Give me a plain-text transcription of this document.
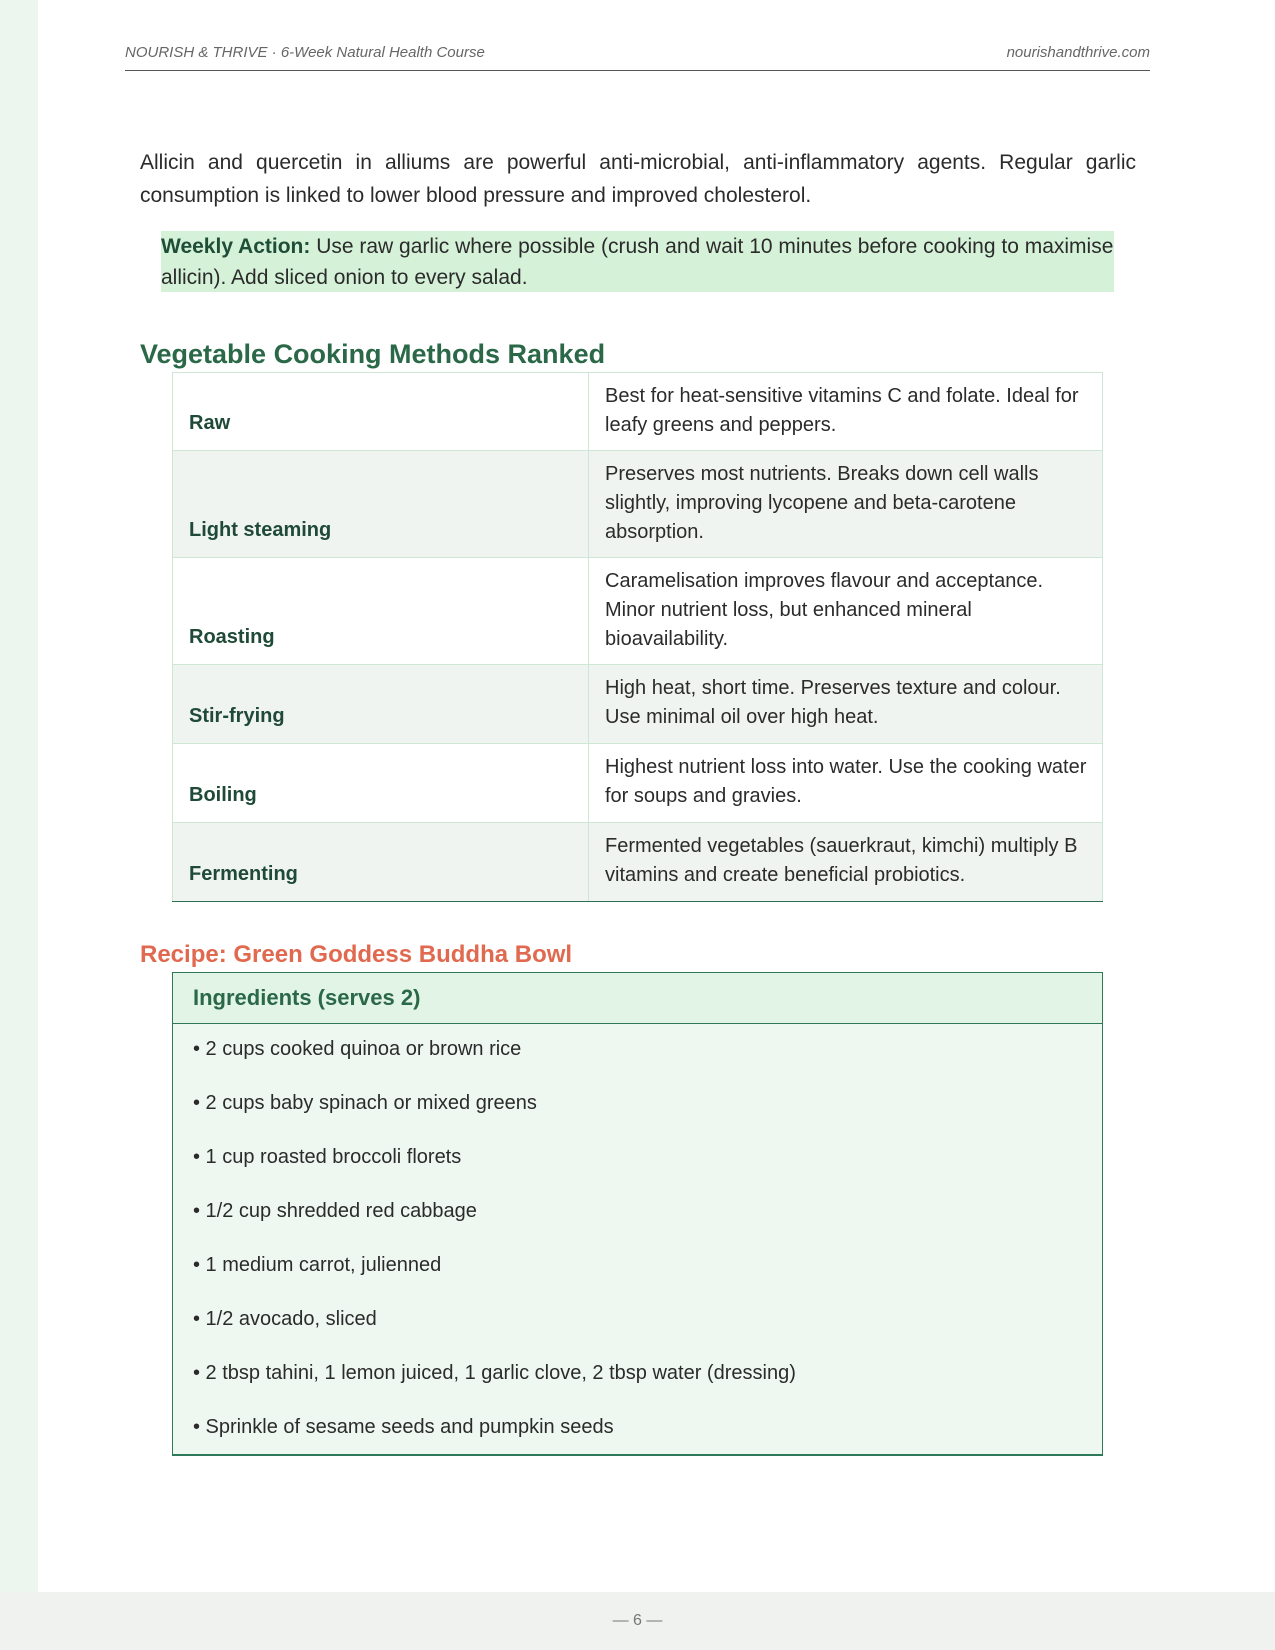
NOURISH & THRIVE · 6-Week Natural Health Course	nourishandthrive.com

Allicin and quercetin in alliums are powerful anti-microbial, anti-inflammatory agents. Regular garlic consumption is linked to lower blood pressure and improved cholesterol.

Weekly Action: Use raw garlic where possible (crush and wait 10 minutes before cooking to maximise allicin). Add sliced onion to every salad.
Vegetable Cooking Methods Ranked
Raw	Best for heat-sensitive vitamins C and folate. Ideal for leafy greens and peppers.
Light steaming	Preserves most nutrients. Breaks down cell walls slightly, improving lycopene and beta-carotene absorption.
Roasting	Caramelisation improves flavour and acceptance. Minor nutrient loss, but enhanced mineral bioavailability.
Stir-frying	High heat, short time. Preserves texture and colour. Use minimal oil over high heat.
Boiling	Highest nutrient loss into water. Use the cooking water for soups and gravies.
Fermenting	Fermented vegetables (sauerkraut, kimchi) multiply B vitamins and create beneficial probiotics.
Recipe: Green Goddess Buddha Bowl
Ingredients (serves 2)
• 2 cups cooked quinoa or brown rice
• 2 cups baby spinach or mixed greens
• 1 cup roasted broccoli florets
• 1/2 cup shredded red cabbage
• 1 medium carrot, julienned
• 1/2 avocado, sliced
• 2 tbsp tahini, 1 lemon juiced, 1 garlic clove, 2 tbsp water (dressing)
• Sprinkle of sesame seeds and pumpkin seeds
— 6 —
